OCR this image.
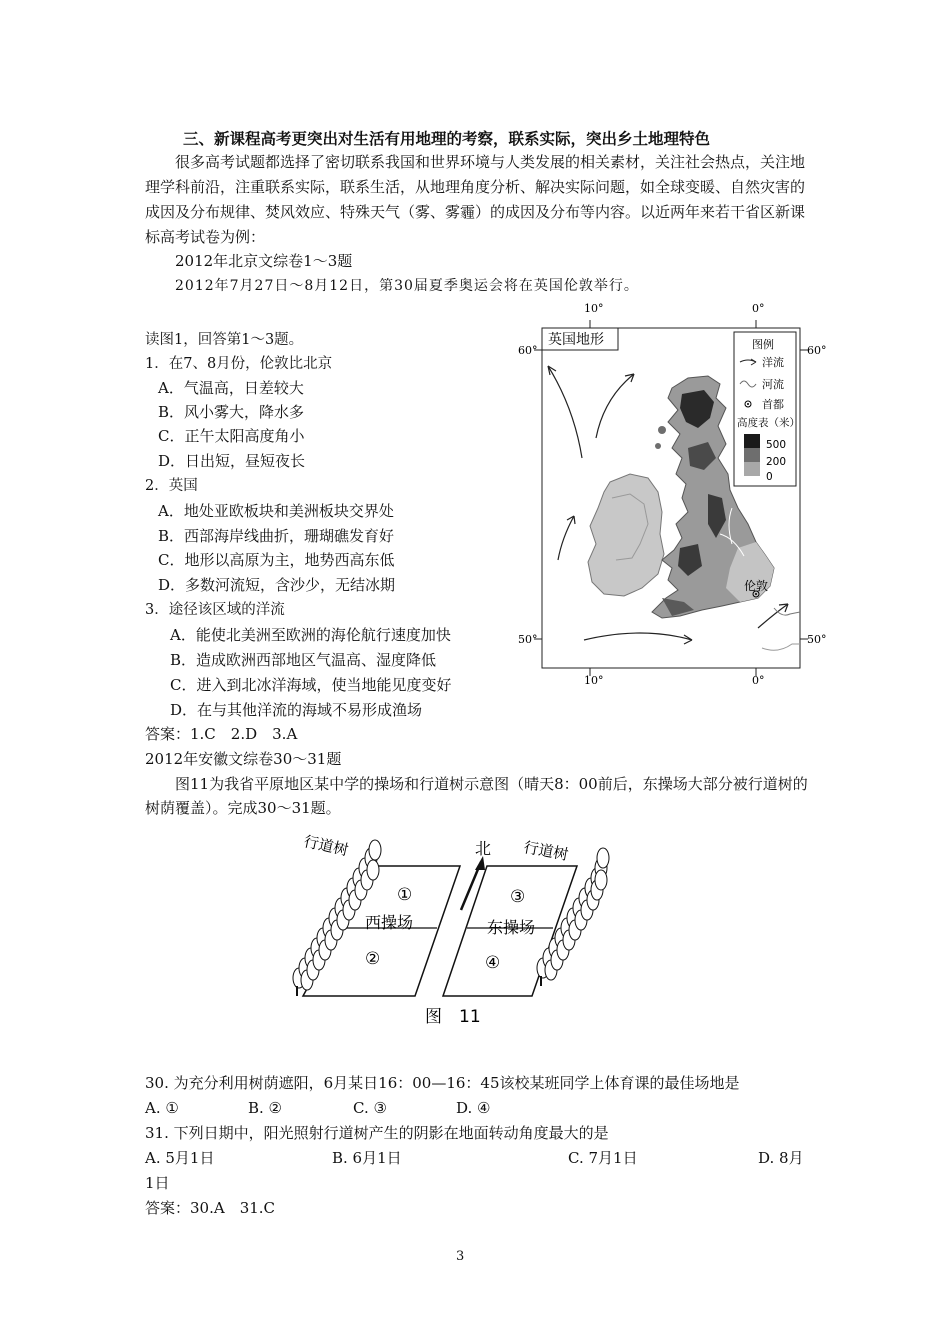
三、新课程高考更突出对生活有用地理的考察，联系实际，突出乡土地理特色
很多高考试题都选择了密切联系我国和世界环境与人类发展的相关素材，关注社会热点，关注地理学科前沿，注重联系实际，联系生活，从地理角度分析、解决实际问题，如全球变暖、自然灾害的成因及分布规律、焚风效应、特殊天气（雾、雾霾）的成因及分布等内容。以近两年来若干省区新课标高考试卷为例：
2012年北京文综卷1～3题
2012年7月27日～8月12日，第30届夏季奥运会将在英国伦敦举行。
读图1，回答第1～3题。
1．在7、8月份，伦敦比北京
A．气温高，日差较大
B．风小雾大，降水多
C．正午太阳高度角小
D．日出短，昼短夜长
2．英国
A．地处亚欧板块和美洲板块交界处
B．西部海岸线曲折，珊瑚礁发育好
C．地形以高原为主，地势西高东低
D．多数河流短，含沙少，无结冰期
3．途径该区域的洋流
A．能使北美洲至欧洲的海伦航行速度加快
B．造成欧洲西部地区气温高、湿度降低
C．进入到北冰洋海域，使当地能见度变好
D．在与其他洋流的海域不易形成渔场
答案：1.C　2.D　3.A
10°	0°
10°	0°
60°	60°
50°	50°
英国地形
伦敦
图例
洋流
河流
首都
高度表（米）
500
200
0
2012年安徽文综卷30～31题
图11为我省平原地区某中学的操场和行道树示意图（晴天8：00前后，东操场大部分被行道树的树荫覆盖）。完成30～31题。
北
①
西操场
②
③
东操场
④
行道树	行道树
图　11
30. 为充分利用树荫遮阳，6月某日16：00—16：45该校某班同学上体育课的最佳场地是
A. ①	B. ②	C. ③	D. ④
31. 下列日期中，阳光照射行道树产生的阴影在地面转动角度最大的是
A. 5月1日	B. 6月1日	C. 7月1日	D. 8月
1日
答案：30.A　31.C
3
